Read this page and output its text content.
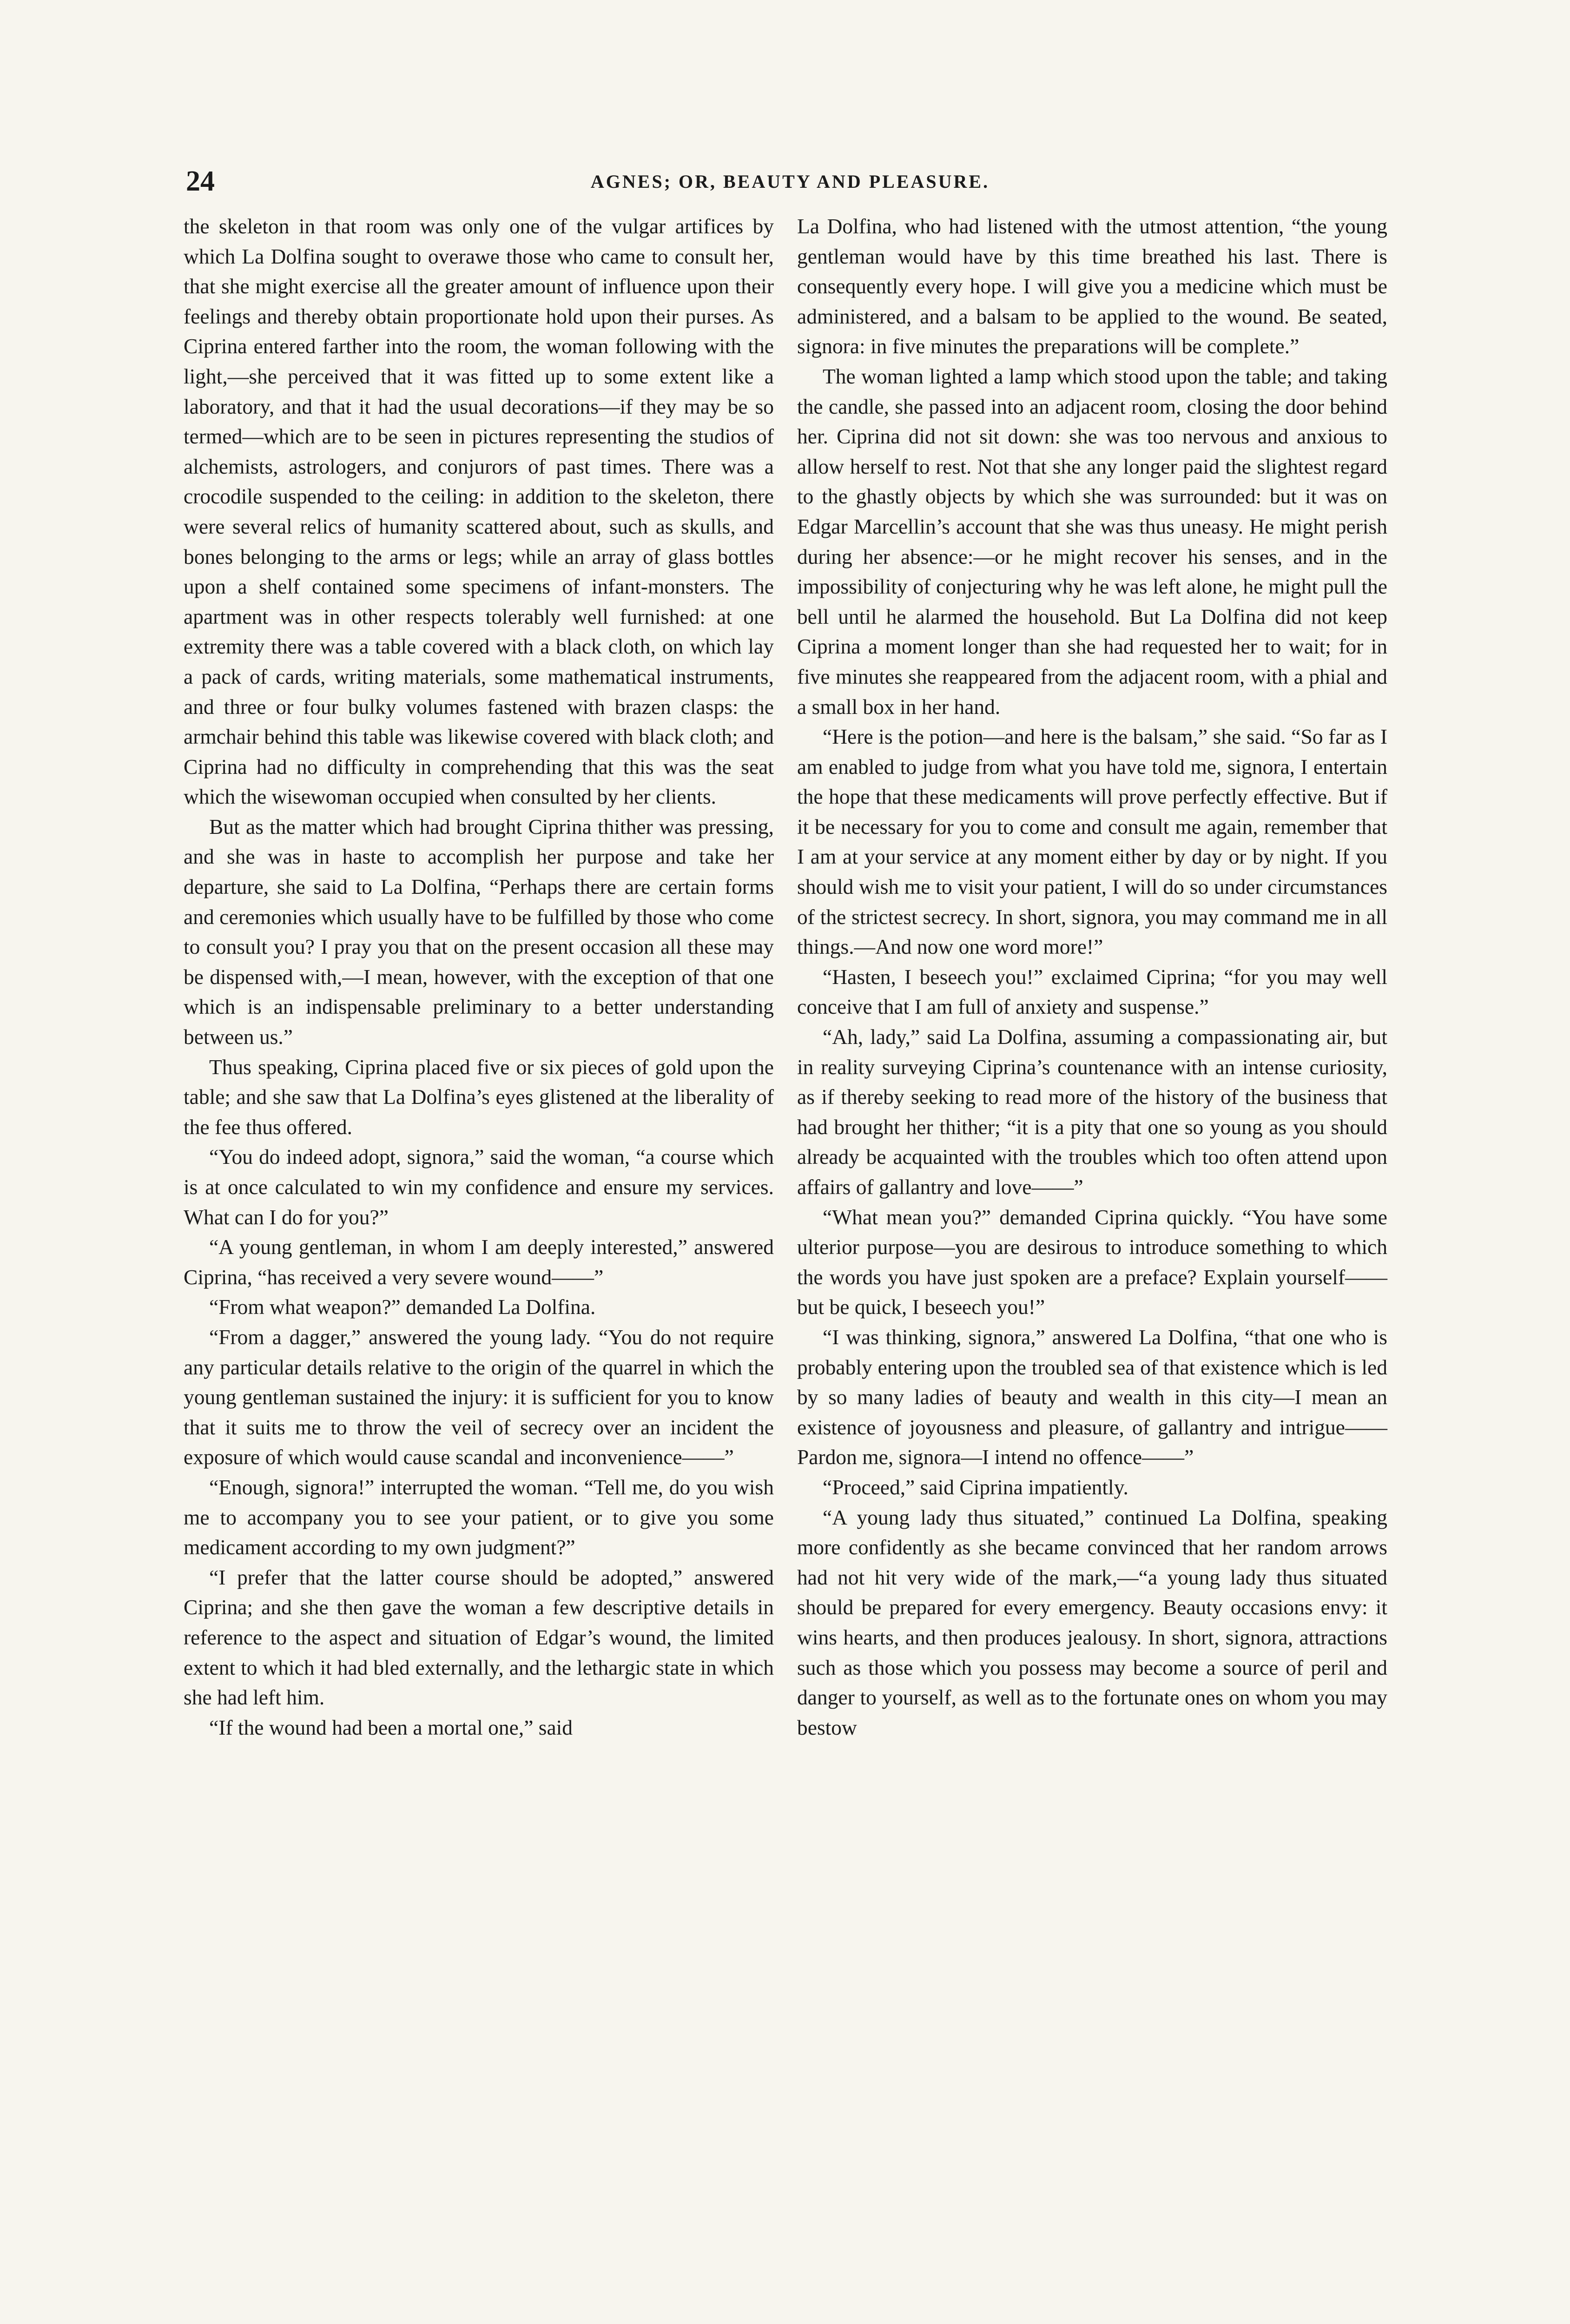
24	AGNES; OR, BEAUTY AND PLEASURE.

the skeleton in that room was only one of the vulgar artifices by which La Dolfina sought to overawe those who came to consult her, that she might exercise all the greater amount of influence upon their feelings and thereby obtain proportionate hold upon their purses. As Ciprina entered farther into the room, the woman following with the light,—she perceived that it was fitted up to some extent like a laboratory, and that it had the usual decorations—if they may be so termed—which are to be seen in pictures representing the studios of alchemists, astrologers, and conjurors of past times. There was a crocodile suspended to the ceiling: in addition to the skeleton, there were several relics of humanity scattered about, such as skulls, and bones belonging to the arms or legs; while an array of glass bottles upon a shelf contained some specimens of infant-monsters. The apartment was in other respects tolerably well furnished: at one extremity there was a table covered with a black cloth, on which lay a pack of cards, writing materials, some mathematical instruments, and three or four bulky volumes fastened with brazen clasps: the armchair behind this table was likewise covered with black cloth; and Ciprina had no difficulty in comprehending that this was the seat which the wisewoman occupied when consulted by her clients.

But as the matter which had brought Ciprina thither was pressing, and she was in haste to accomplish her purpose and take her departure, she said to La Dolfina, “Perhaps there are certain forms and ceremonies which usually have to be fulfilled by those who come to consult you? I pray you that on the present occasion all these may be dispensed with,—I mean, however, with the exception of that one which is an indispensable preliminary to a better understanding between us.”

Thus speaking, Ciprina placed five or six pieces of gold upon the table; and she saw that La Dolfina’s eyes glistened at the liberality of the fee thus offered.

“You do indeed adopt, signora,” said the woman, “a course which is at once calculated to win my confidence and ensure my services. What can I do for you?”

“A young gentleman, in whom I am deeply interested,” answered Ciprina, “has received a very severe wound——”

“From what weapon?” demanded La Dolfina.

“From a dagger,” answered the young lady. “You do not require any particular details relative to the origin of the quarrel in which the young gentleman sustained the injury: it is sufficient for you to know that it suits me to throw the veil of secrecy over an incident the exposure of which would cause scandal and inconvenience——”

“Enough, signora!” interrupted the woman. “Tell me, do you wish me to accompany you to see your patient, or to give you some medicament according to my own judgment?”

“I prefer that the latter course should be adopted,” answered Ciprina; and she then gave the woman a few descriptive details in reference to the aspect and situation of Edgar’s wound, the limited extent to which it had bled externally, and the lethargic state in which she had left him.

“If the wound had been a mortal one,” said

La Dolfina, who had listened with the utmost attention, “the young gentleman would have by this time breathed his last. There is consequently every hope. I will give you a medicine which must be administered, and a balsam to be applied to the wound. Be seated, signora: in five minutes the preparations will be complete.”

The woman lighted a lamp which stood upon the table; and taking the candle, she passed into an adjacent room, closing the door behind her. Ciprina did not sit down: she was too nervous and anxious to allow herself to rest. Not that she any longer paid the slightest regard to the ghastly objects by which she was surrounded: but it was on Edgar Marcellin’s account that she was thus uneasy. He might perish during her absence:—or he might recover his senses, and in the impossibility of conjecturing why he was left alone, he might pull the bell until he alarmed the household. But La Dolfina did not keep Ciprina a moment longer than she had requested her to wait; for in five minutes she reappeared from the adjacent room, with a phial and a small box in her hand.

“Here is the potion—and here is the balsam,” she said. “So far as I am enabled to judge from what you have told me, signora, I entertain the hope that these medicaments will prove perfectly effective. But if it be necessary for you to come and consult me again, remember that I am at your service at any moment either by day or by night. If you should wish me to visit your patient, I will do so under circumstances of the strictest secrecy. In short, signora, you may command me in all things.—And now one word more!”

“Hasten, I beseech you!” exclaimed Ciprina; “for you may well conceive that I am full of anxiety and suspense.”

“Ah, lady,” said La Dolfina, assuming a compassionating air, but in reality surveying Ciprina’s countenance with an intense curiosity, as if thereby seeking to read more of the history of the business that had brought her thither; “it is a pity that one so young as you should already be acquainted with the troubles which too often attend upon affairs of gallantry and love——”

“What mean you?” demanded Ciprina quickly. “You have some ulterior purpose—you are desirous to introduce something to which the words you have just spoken are a preface? Explain yourself——but be quick, I beseech you!”

“I was thinking, signora,” answered La Dolfina, “that one who is probably entering upon the troubled sea of that existence which is led by so many ladies of beauty and wealth in this city—I mean an existence of joyousness and pleasure, of gallantry and intrigue—— Pardon me, signora—I intend no offence——”

“Proceed,” said Ciprina impatiently.

“A young lady thus situated,” continued La Dolfina, speaking more confidently as she became convinced that her random arrows had not hit very wide of the mark,—“a young lady thus situated should be prepared for every emergency. Beauty occasions envy: it wins hearts, and then produces jealousy. In short, signora, attractions such as those which you possess may become a source of peril and danger to yourself, as well as to the fortunate ones on whom you may bestow
